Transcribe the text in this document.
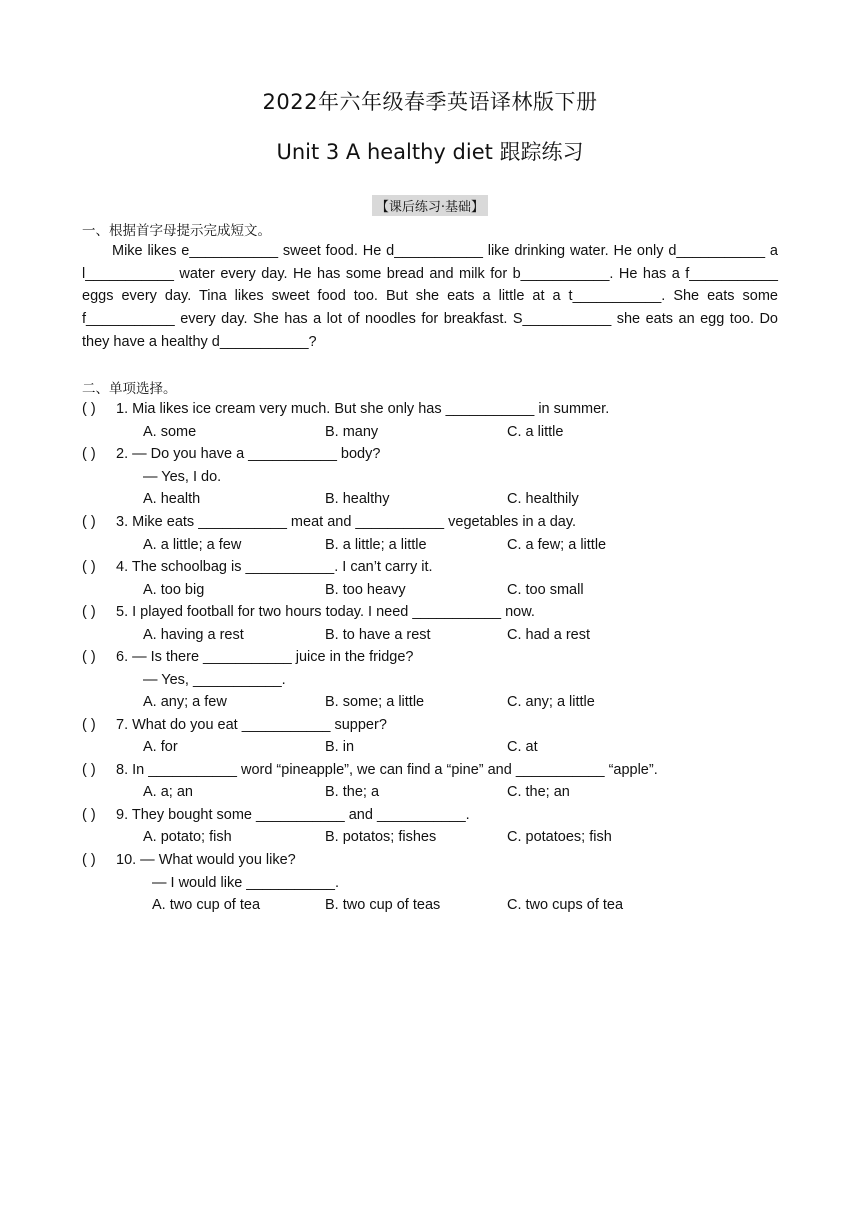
2022年六年级春季英语译林版下册
Unit 3 A healthy diet 跟踪练习
【课后练习·基础】
一、根据首字母提示完成短文。
Mike likes e___________ sweet food. He d___________ like drinking water. He only d___________ a l___________ water every day. He has some bread and milk for b___________. He has a f___________ eggs every day. Tina likes sweet food too. But she eats a little at a t___________. She eats some f___________ every day. She has a lot of noodles for breakfast. S___________ she eats an egg too. Do they have a healthy d___________?
二、单项选择。
( ) 1. Mia likes ice cream very much. But she only has ___________ in summer.
A. some	B. many	C. a little
( ) 2. — Do you have a ___________ body?
— Yes, I do.
A. health	B. healthy	C. healthily
( ) 3. Mike eats ___________ meat and ___________ vegetables in a day.
A. a little; a few	B. a little; a little	C. a few; a little
( ) 4. The schoolbag is ___________. I can’t carry it.
A. too big	B. too heavy	C. too small
( ) 5. I played football for two hours today. I need ___________ now.
A. having a rest	B. to have a rest	C. had a rest
( ) 6. — Is there ___________ juice in the fridge?
— Yes, ___________.
A. any; a few	B. some; a little	C. any; a little
( ) 7. What do you eat ___________ supper?
A. for	B. in	C. at
( ) 8. In ___________ word “pineapple”, we can find a “pine” and ___________ “apple”.
A. a; an	B. the; a	C. the; an
( ) 9. They bought some ___________ and ___________.
A. potato; fish	B. potatos; fishes	C. potatoes; fish
( ) 10. — What would you like?
— I would like ___________.
A. two cup of tea	B. two cup of teas	C. two cups of tea
